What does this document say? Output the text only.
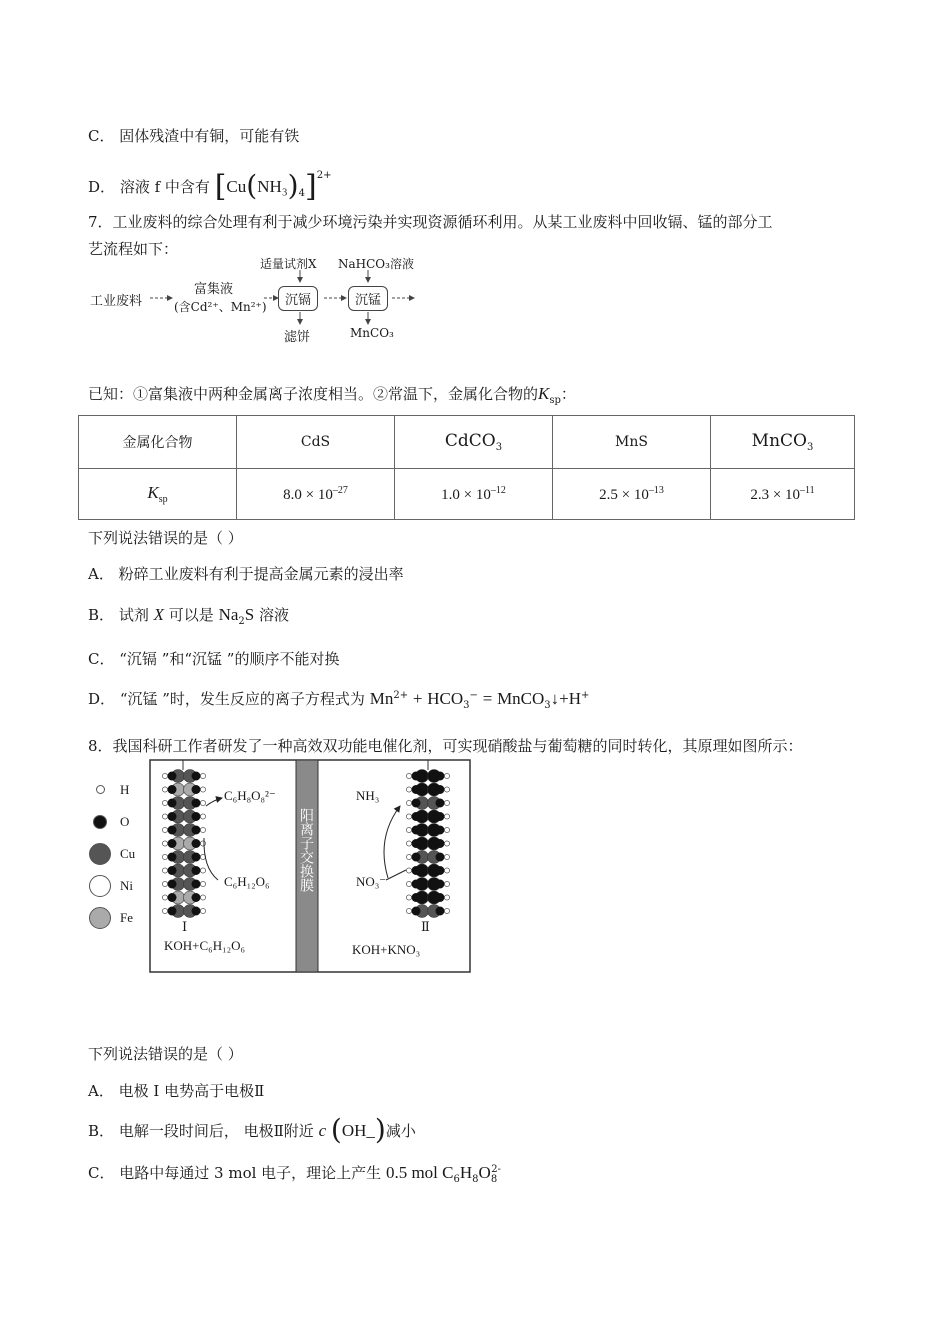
C． 固体残渣中有铜，可能有铁
D． 溶液 f 中含有 $[Cu(NH_3)_4]^{2+}$
7．工业废料的综合处理有利于减少环境污染并实现资源循环利用。从某工业废料中回收镉、锰的部分工
艺流程如下：
工业废料
富集液
(含Cd²⁺、Mn²⁺)	沉镉	沉锰
适量试剂X NaHCO₃溶液
滤饼	MnCO₃
已知：①富集液中两种金属离子浓度相当。②常温下，金属化合物的$K_{sp}$：
金属化合物	CdS	CdCO$_3$	MnS	MnCO$_3$
$K_{sp}$	$8.0 \times 10^{-27}$	$1.0 \times 10^{-12}$	$2.5 \times 10^{-13}$	$2.3 \times 10^{-11}$
下列说法错误的是（ ）
A． 粉碎工业废料有利于提高金属元素的浸出率
B． 试剂 X 可以是 $Na_2S$ 溶液
C． “沉镉 ”和“沉锰 ”的顺序不能对换
D． “沉锰 ”时，发生反应的离子方程式为 $Mn^{2+} + HCO_3^-$ = MnCO$_3$↓+H+
8．我国科研工作者研发了一种高效双功能电催化剂，可实现硝酸盐与葡萄糖的同时转化，其原理如图所示：
H
O
Cu
Ni
Fe
阳离子交换膜
C₆H₈O₈²⁻
C₆H₁₂O₆
NH₃
NO₃⁻
Ⅰ	Ⅱ
KOH+C₆H₁₂O₆	KOH+KNO₃
下列说法错误的是（ ）
A． 电极 Ⅰ 电势高于电极Ⅱ
B． 电解一段时间后， 电极Ⅱ附近 c (OH_)减小
C． 电路中每通过 3 mol 电子，理论上产生 0.5 mol $C_6H_8O_8^{2-}$
